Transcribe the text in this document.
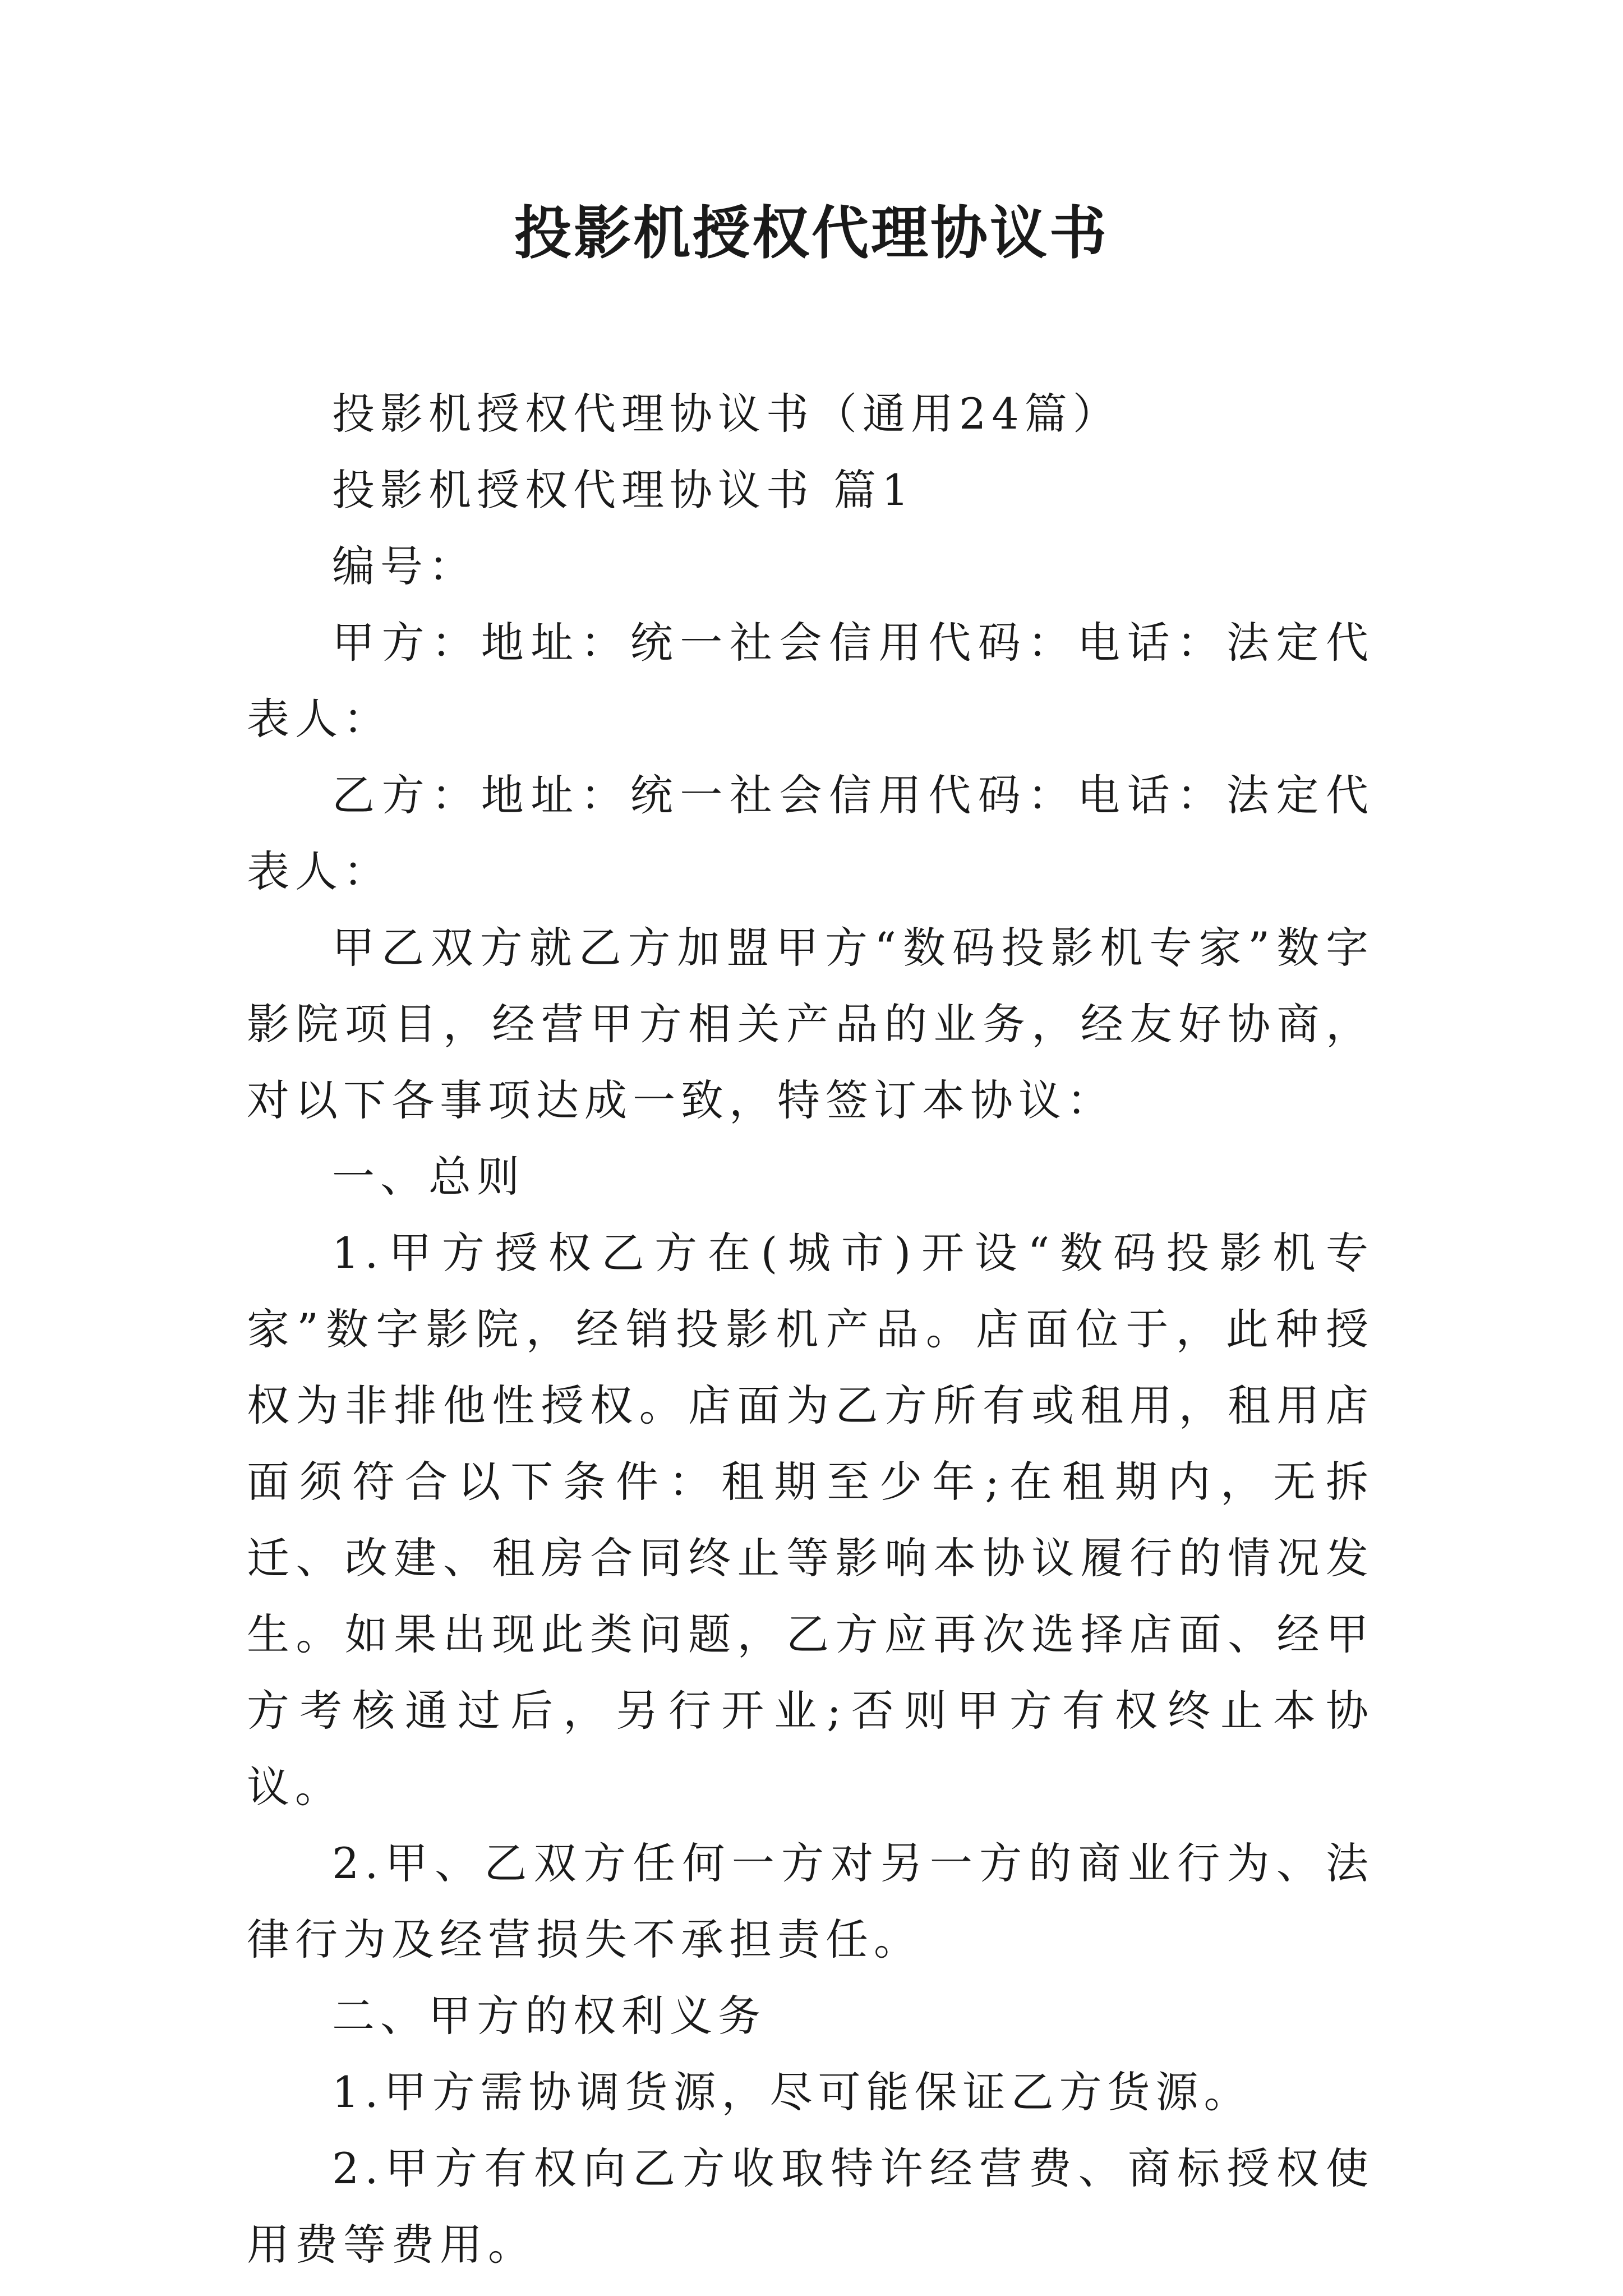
投影机授权代理协议书

投影机授权代理协议书（通用24篇）

投影机授权代理协议书 篇1

编号：

甲方：地址：统一社会信用代码：电话：法定代表人：

乙方：地址：统一社会信用代码：电话：法定代表人：

甲乙双方就乙方加盟甲方“数码投影机专家”数字影院项目，经营甲方相关产品的业务，经友好协商，对以下各事项达成一致，特签订本协议：

一、总则

1.甲方授权乙方在(城市)开设“数码投影机专家”数字影院，经销投影机产品。店面位于，此种授权为非排他性授权。店面为乙方所有或租用，租用店面须符合以下条件：租期至少年;在租期内，无拆迁、改建、租房合同终止等影响本协议履行的情况发生。如果出现此类问题，乙方应再次选择店面、经甲方考核通过后，另行开业;否则甲方有权终止本协议。

2.甲、乙双方任何一方对另一方的商业行为、法律行为及经营损失不承担责任。

二、甲方的权利义务

1.甲方需协调货源，尽可能保证乙方货源。

2.甲方有权向乙方收取特许经营费、商标授权使用费等费用。
